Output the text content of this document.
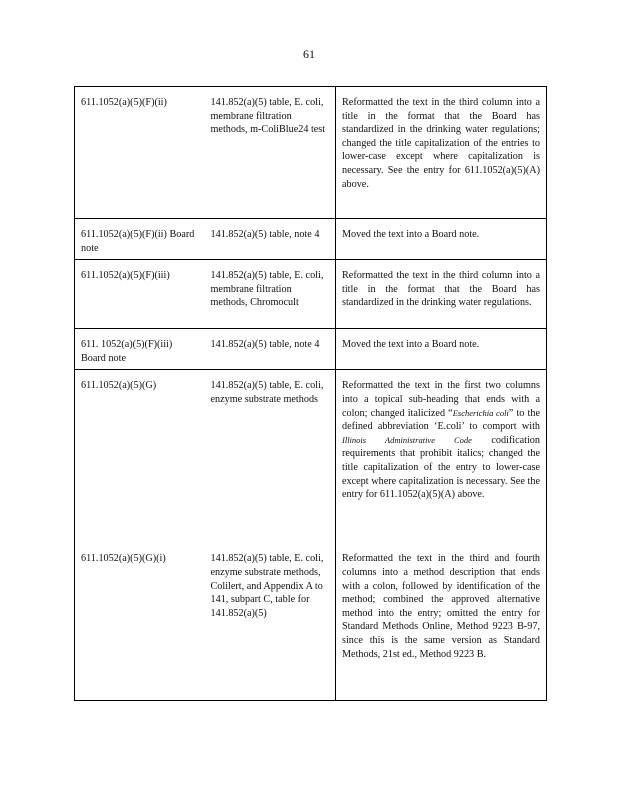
61
611.1052(a)(5)(F)(ii)	141.852(a)(5) table, E. coli, membrane filtration methods, m-ColiBlue24 test	Reformatted the text in the third column into a title in the format that the Board has standardized in the drinking water regulations; changed the title capitalization of the entries to lower-case except where capitalization is necessary. See the entry for 611.1052(a)(5)(A) above.
611.1052(a)(5)(F)(ii) Board note	141.852(a)(5) table, note 4	Moved the text into a Board note.
611.1052(a)(5)(F)(iii)	141.852(a)(5) table, E. coli, membrane filtration methods, Chromocult	Reformatted the text in the third column into a title in the format that the Board has standardized in the drinking water regulations.
611. 1052(a)(5)(F)(iii) Board note	141.852(a)(5) table, note 4	Moved the text into a Board note.
611.1052(a)(5)(G)	141.852(a)(5) table, E. coli, enzyme substrate methods	Reformatted the text in the first two columns into a topical sub-heading that ends with a colon; changed italicized “Escherichia coli” to the defined abbreviation ‘E.coli’ to comport with Illinois Administrative Code codification requirements that prohibit italics; changed the title capitalization of the entry to lower-case except where capitalization is necessary. See the entry for 611.1052(a)(5)(A) above.
611.1052(a)(5)(G)(i)	141.852(a)(5) table, E. coli, enzyme substrate methods, Colilert, and Appendix A to 141, subpart C, table for 141.852(a)(5)	Reformatted the text in the third and fourth columns into a method description that ends with a colon, followed by identification of the method; combined the approved alternative method into the entry; omitted the entry for Standard Methods Online, Method 9223 B-97, since this is the same version as Standard Methods, 21st ed., Method 9223 B.
